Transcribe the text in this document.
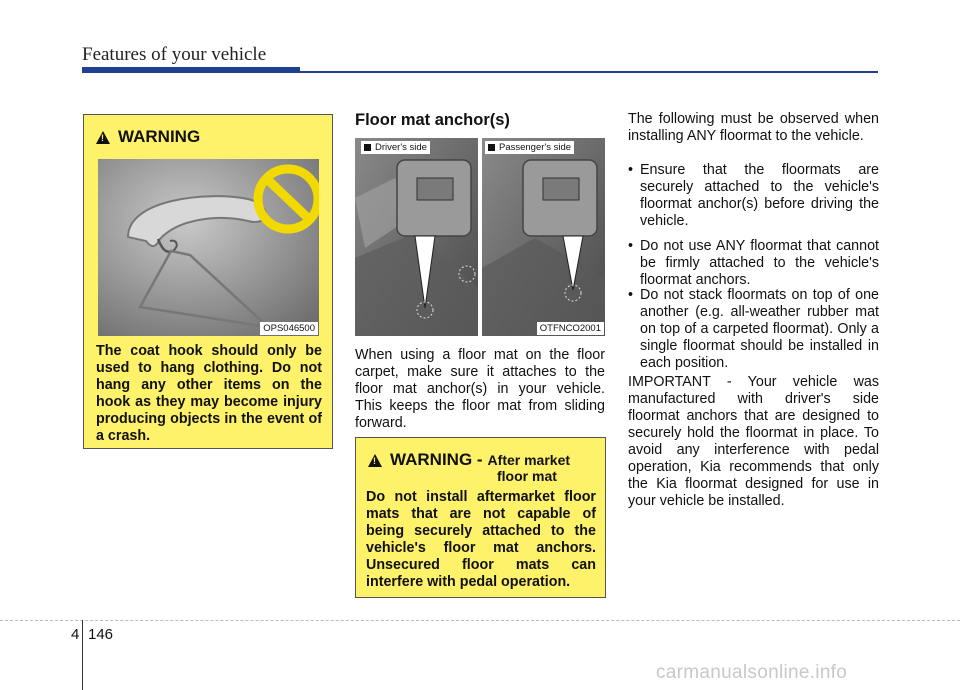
Features of your vehicle
!
WARNING
OPS046500
The coat hook should only be used to hang clothing. Do not hang any other items on the hook as they may become injury producing objects in the event of a crash.
Floor mat anchor(s)
Driver's side	Passenger's side
OTFNCO2001
When using a floor mat on the floor carpet, make sure it attaches to the floor mat anchor(s) in your vehicle. This keeps the floor mat from sliding forward.
!
WARNING - After market
floor mat
Do not install aftermarket floor mats that are not capable of being securely attached to the vehicle's floor mat anchors. Unsecured floor mats can interfere with pedal operation.
The following must be observed when installing ANY floormat to the vehicle.
• Ensure that the floormats are securely attached to the vehicle's floormat anchor(s) before driving the vehicle.
• Do not use ANY floormat that cannot be firmly attached to the vehicle's floormat anchors.
• Do not stack floormats on top of one another (e.g. all-weather rubber mat on top of a carpeted floormat). Only a single floormat should be installed in each position.
IMPORTANT - Your vehicle was manufactured with driver's side floormat anchors that are designed to securely hold the floormat in place. To avoid any interference with pedal operation, Kia recommends that only the Kia floormat designed for use in your vehicle be installed.
4 146
carmanualsonline.info
